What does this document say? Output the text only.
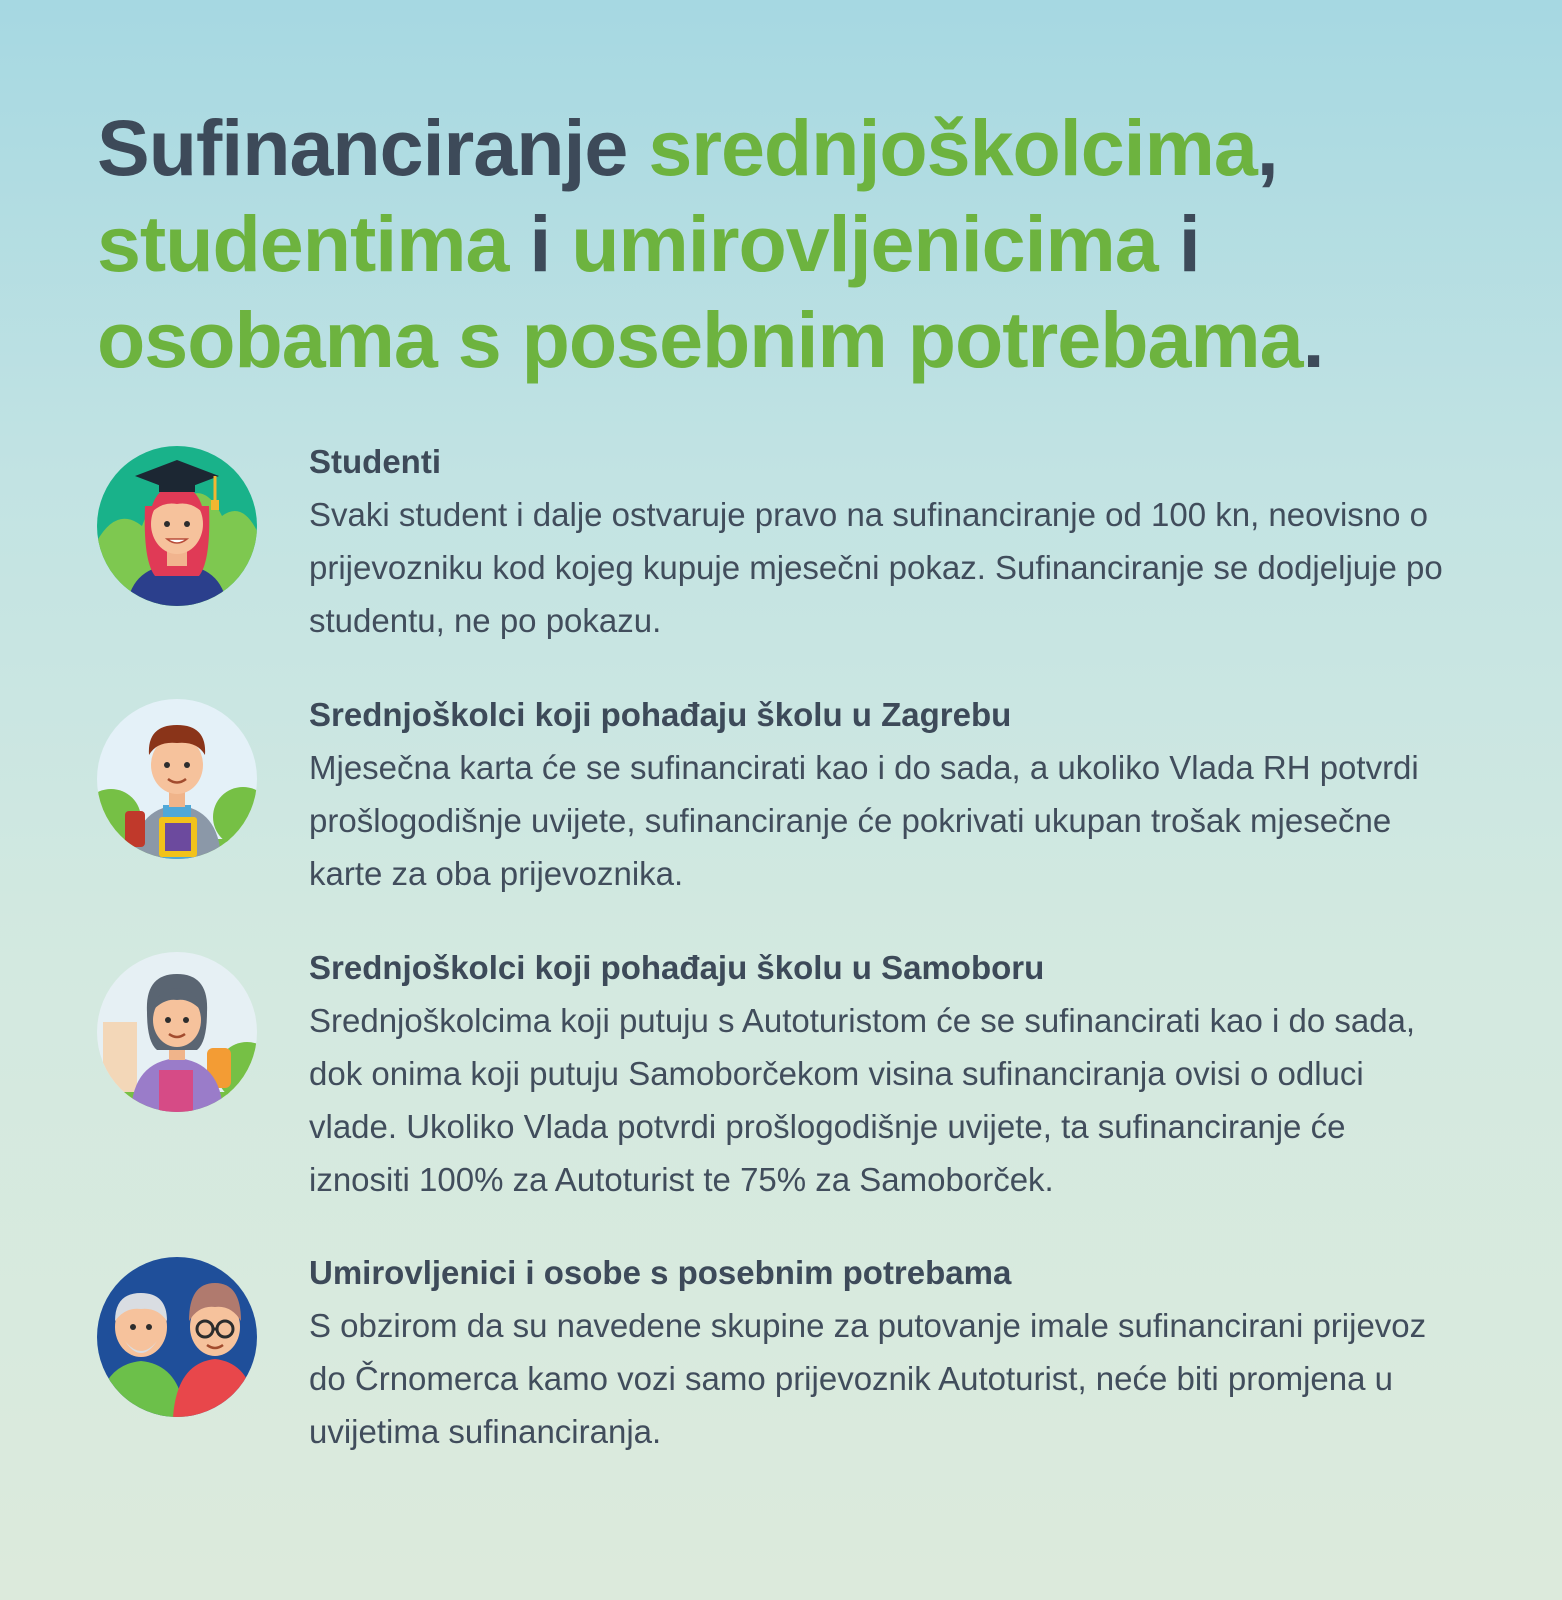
Sufinanciranje srednjoškolcima,
studentima i umirovljenicima i
osobama s posebnim potrebama.
Studenti

Svaki student i dalje ostvaruje pravo na sufinanciranje od 100 kn, neovisno o prijevozniku kod kojeg kupuje mjesečni pokaz. Sufinanciranje se dodjeljuje po studentu, ne po pokazu.

Srednjoškolci koji pohađaju školu u Zagrebu

Mjesečna karta će se sufinancirati kao i do sada, a ukoliko Vlada RH potvrdi prošlogodišnje uvijete, sufinanciranje će pokrivati ukupan trošak mjesečne karte za oba prijevoznika.

Srednjoškolci koji pohađaju školu u Samoboru

Srednjoškolcima koji putuju s Autoturistom će se sufinancirati kao i do sada, dok onima koji putuju Samoborčekom visina sufinanciranja ovisi o odluci vlade. Ukoliko Vlada potvrdi prošlogodišnje uvijete, ta sufinanciranje će iznositi 100% za Autoturist te 75% za Samoborček.

Umirovljenici i osobe s posebnim potrebama

S obzirom da su navedene skupine za putovanje imale sufinancirani prijevoz do Črnomerca kamo vozi samo prijevoznik Autoturist, neće biti promjena u uvijetima sufinanciranja.
